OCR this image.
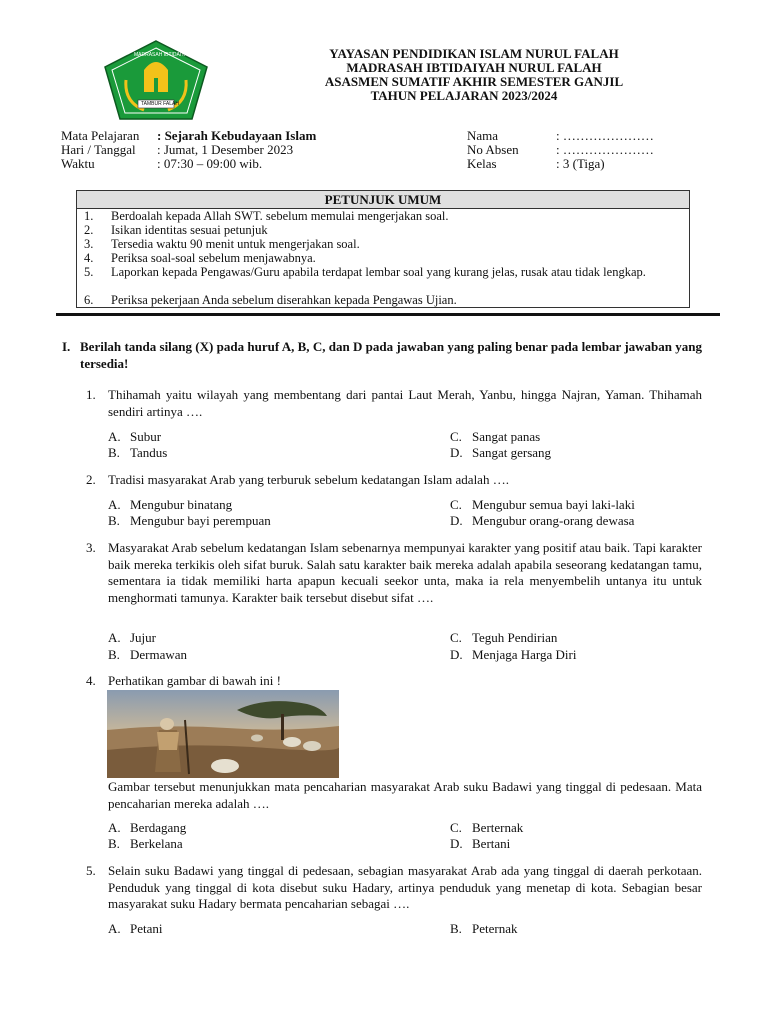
MADRASAH IBTIDAIYAH
TAMBUR FALAH
YAYASAN PENDIDIKAN ISLAM NURUL FALAH
MADRASAH IBTIDAIYAH NURUL FALAH
ASASMEN SUMATIF AKHIR SEMESTER GANJIL
TAHUN PELAJARAN 2023/2024
Mata Pelajaran : Sejarah Kebudayaan Islam
Hari / Tanggal : Jumat, 1 Desember 2023
Waktu	: 07:30 – 09:00 wib.
Nama	: …………………
No Absen	: …………………
Kelas	: 3 (Tiga)
PETUNJUK UMUM
1. Berdoalah kepada Allah SWT. sebelum memulai mengerjakan soal.
2. Isikan identitas sesuai petunjuk
3. Tersedia waktu 90 menit untuk mengerjakan soal.
4. Periksa soal-soal sebelum menjawabnya.
5. Laporkan kepada Pengawas/Guru apabila terdapat lembar soal yang kurang jelas, rusak atau tidak lengkap.
6. Periksa pekerjaan Anda sebelum diserahkan kepada Pengawas Ujian.
I. Berilah tanda silang (X) pada huruf A, B, C, dan D pada jawaban yang paling benar pada lembar jawaban yang tersedia!
1. Thihamah yaitu wilayah yang membentang dari pantai Laut Merah, Yanbu, hingga Najran, Yaman. Thihamah sendiri artinya ….
A. Subur	C. Sangat panas
B. Tandus	D. Sangat gersang
2. Tradisi masyarakat Arab yang terburuk sebelum kedatangan Islam adalah ….
A. Mengubur binatang	C. Mengubur semua bayi laki-laki
B. Mengubur bayi perempuan	D. Mengubur orang-orang dewasa
3. Masyarakat Arab sebelum kedatangan Islam sebenarnya mempunyai karakter yang positif atau baik. Tapi karakter baik mereka terkikis oleh sifat buruk. Salah satu karakter baik mereka adalah apabila seseorang kedatangan tamu, sementara ia tidak memiliki harta apapun kecuali seekor unta, maka ia rela menyembelih untanya itu untuk menghormati tamunya. Karakter baik tersebut disebut sifat ….
A. Jujur	C. Teguh Pendirian
B. Dermawan	D. Menjaga Harga Diri
4. Perhatikan gambar di bawah ini !
Gambar tersebut menunjukkan mata pencaharian masyarakat Arab suku Badawi yang tinggal di pedesaan. Mata pencaharian mereka adalah ….
A. Berdagang	C. Berternak
B. Berkelana	D. Bertani
5. Selain suku Badawi yang tinggal di pedesaan, sebagian masyarakat Arab ada yang tinggal di daerah perkotaan. Penduduk yang tinggal di kota disebut suku Hadary, artinya penduduk yang menetap di kota. Sebagian besar masyarakat suku Hadary bermata pencaharian sebagai ….
A. Petani	B. Peternak
